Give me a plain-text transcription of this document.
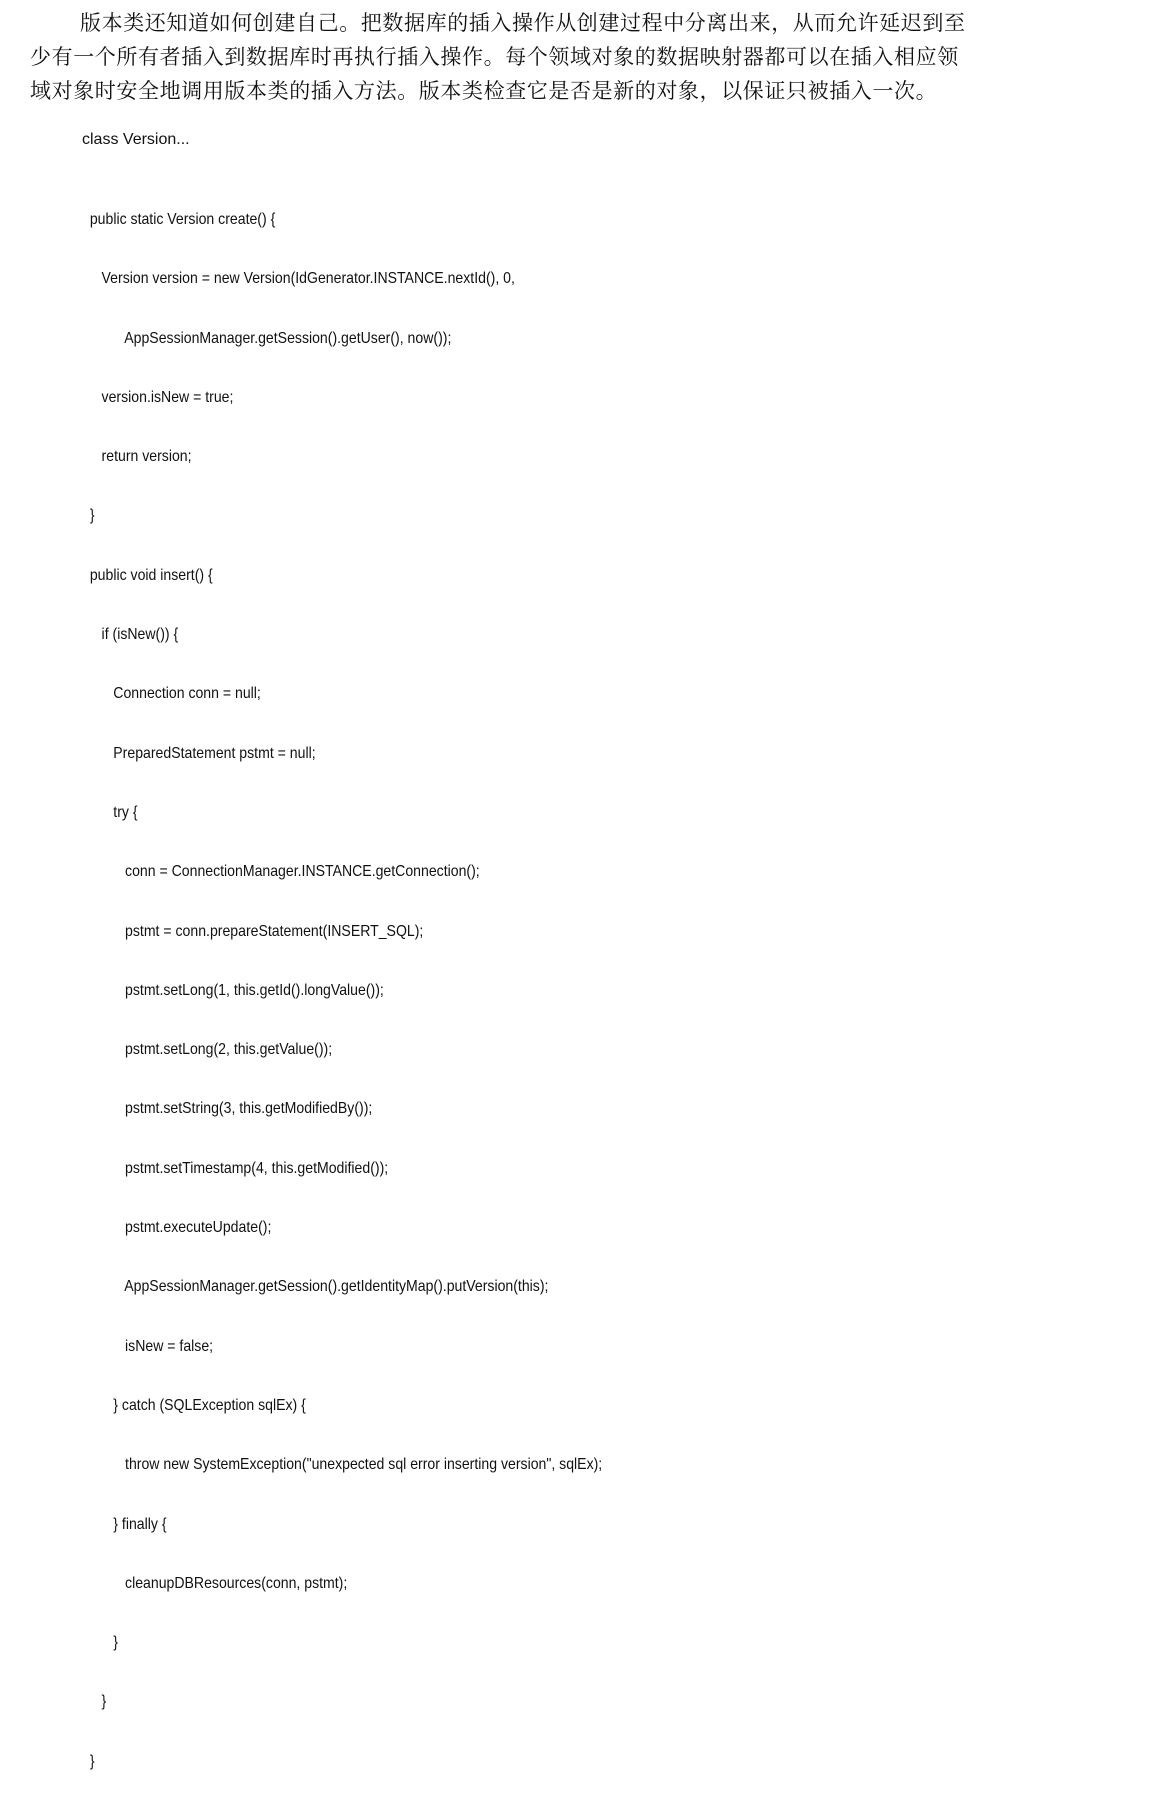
版本类还知道如何创建自己。把数据库的插入操作从创建过程中分离出来，从而允许延迟到至
少有一个所有者插入到数据库时再执行插入操作。每个领域对象的数据映射器都可以在插入相应领
域对象时安全地调用版本类的插入方法。版本类检查它是否是新的对象，以保证只被插入一次。
class Version...

public static Version create() {

Version version = new Version(IdGenerator.INSTANCE.nextId(), 0,

AppSessionManager.getSession().getUser(), now());

version.isNew = true;

return version;

}

public void insert() {

if (isNew()) {

Connection conn = null;

PreparedStatement pstmt = null;

try {

conn = ConnectionManager.INSTANCE.getConnection();

pstmt = conn.prepareStatement(INSERT_SQL);

pstmt.setLong(1, this.getId().longValue());

pstmt.setLong(2, this.getValue());

pstmt.setString(3, this.getModifiedBy());

pstmt.setTimestamp(4, this.getModified());

pstmt.executeUpdate();

AppSessionManager.getSession().getIdentityMap().putVersion(this);

isNew = false;

} catch (SQLException sqlEx) {

throw new SystemException("unexpected sql error inserting version", sqlEx);

} finally {

cleanupDBResources(conn, pstmt);

}

}

}
